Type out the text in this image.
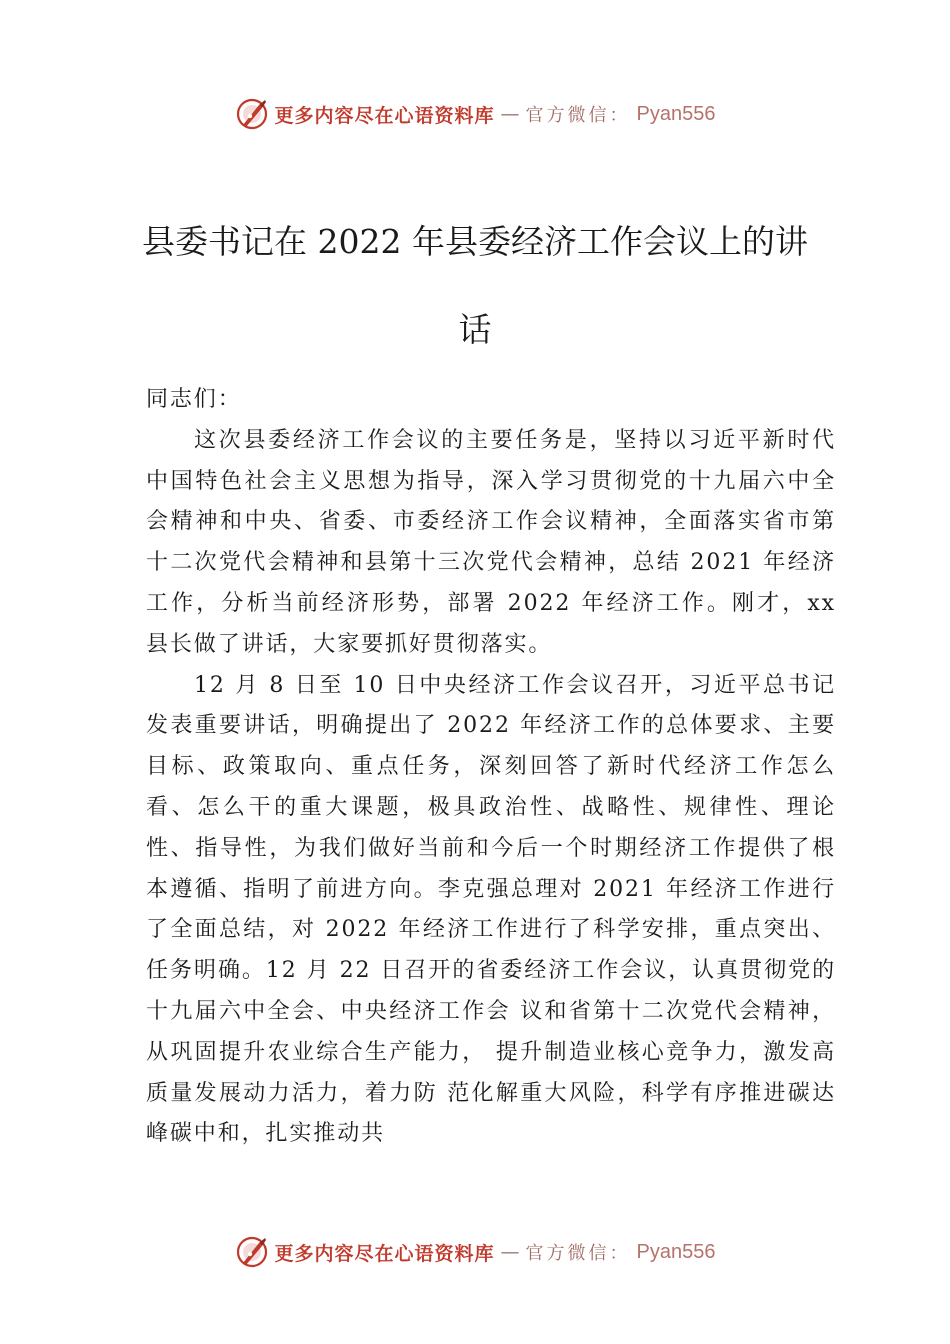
更多内容尽在心语资料库 — 官方微信： Pyan556
县委书记在 2022 年县委经济工作会议上的讲话

同志们：

这次县委经济工作会议的主要任务是，坚持以习近平新时代中国特色社会主义思想为指导，深入学习贯彻党的十九届六中全会精神和中央、省委、市委经济工作会议精神，全面落实省市第十二次党代会精神和县第十三次党代会精神，总结 2021 年经济工作，分析当前经济形势，部署 2022 年经济工作。刚才，xx 县长做了讲话，大家要抓好贯彻落实。

12 月 8 日至 10 日中央经济工作会议召开，习近平总书记发表重要讲话，明确提出了 2022 年经济工作的总体要求、主要目标、政策取向、重点任务，深刻回答了新时代经济工作怎么看、怎么干的重大课题，极具政治性、战略性、规律性、理论性、指导性，为我们做好当前和今后一个时期经济工作提供了根本遵循、指明了前进方向。李克强总理对 2021 年经济工作进行了全面总结，对 2022 年经济工作进行了科学安排，重点突出、任务明确。12 月 22 日召开的省委经济工作会议，认真贯彻党的十九届六中全会、中央经济工作会 议和省第十二次党代会精神，从巩固提升农业综合生产能力， 提升制造业核心竞争力，激发高质量发展动力活力，着力防 范化解重大风险，科学有序推进碳达峰碳中和，扎实推动共

更多内容尽在心语资料库 — 官方微信： Pyan556
